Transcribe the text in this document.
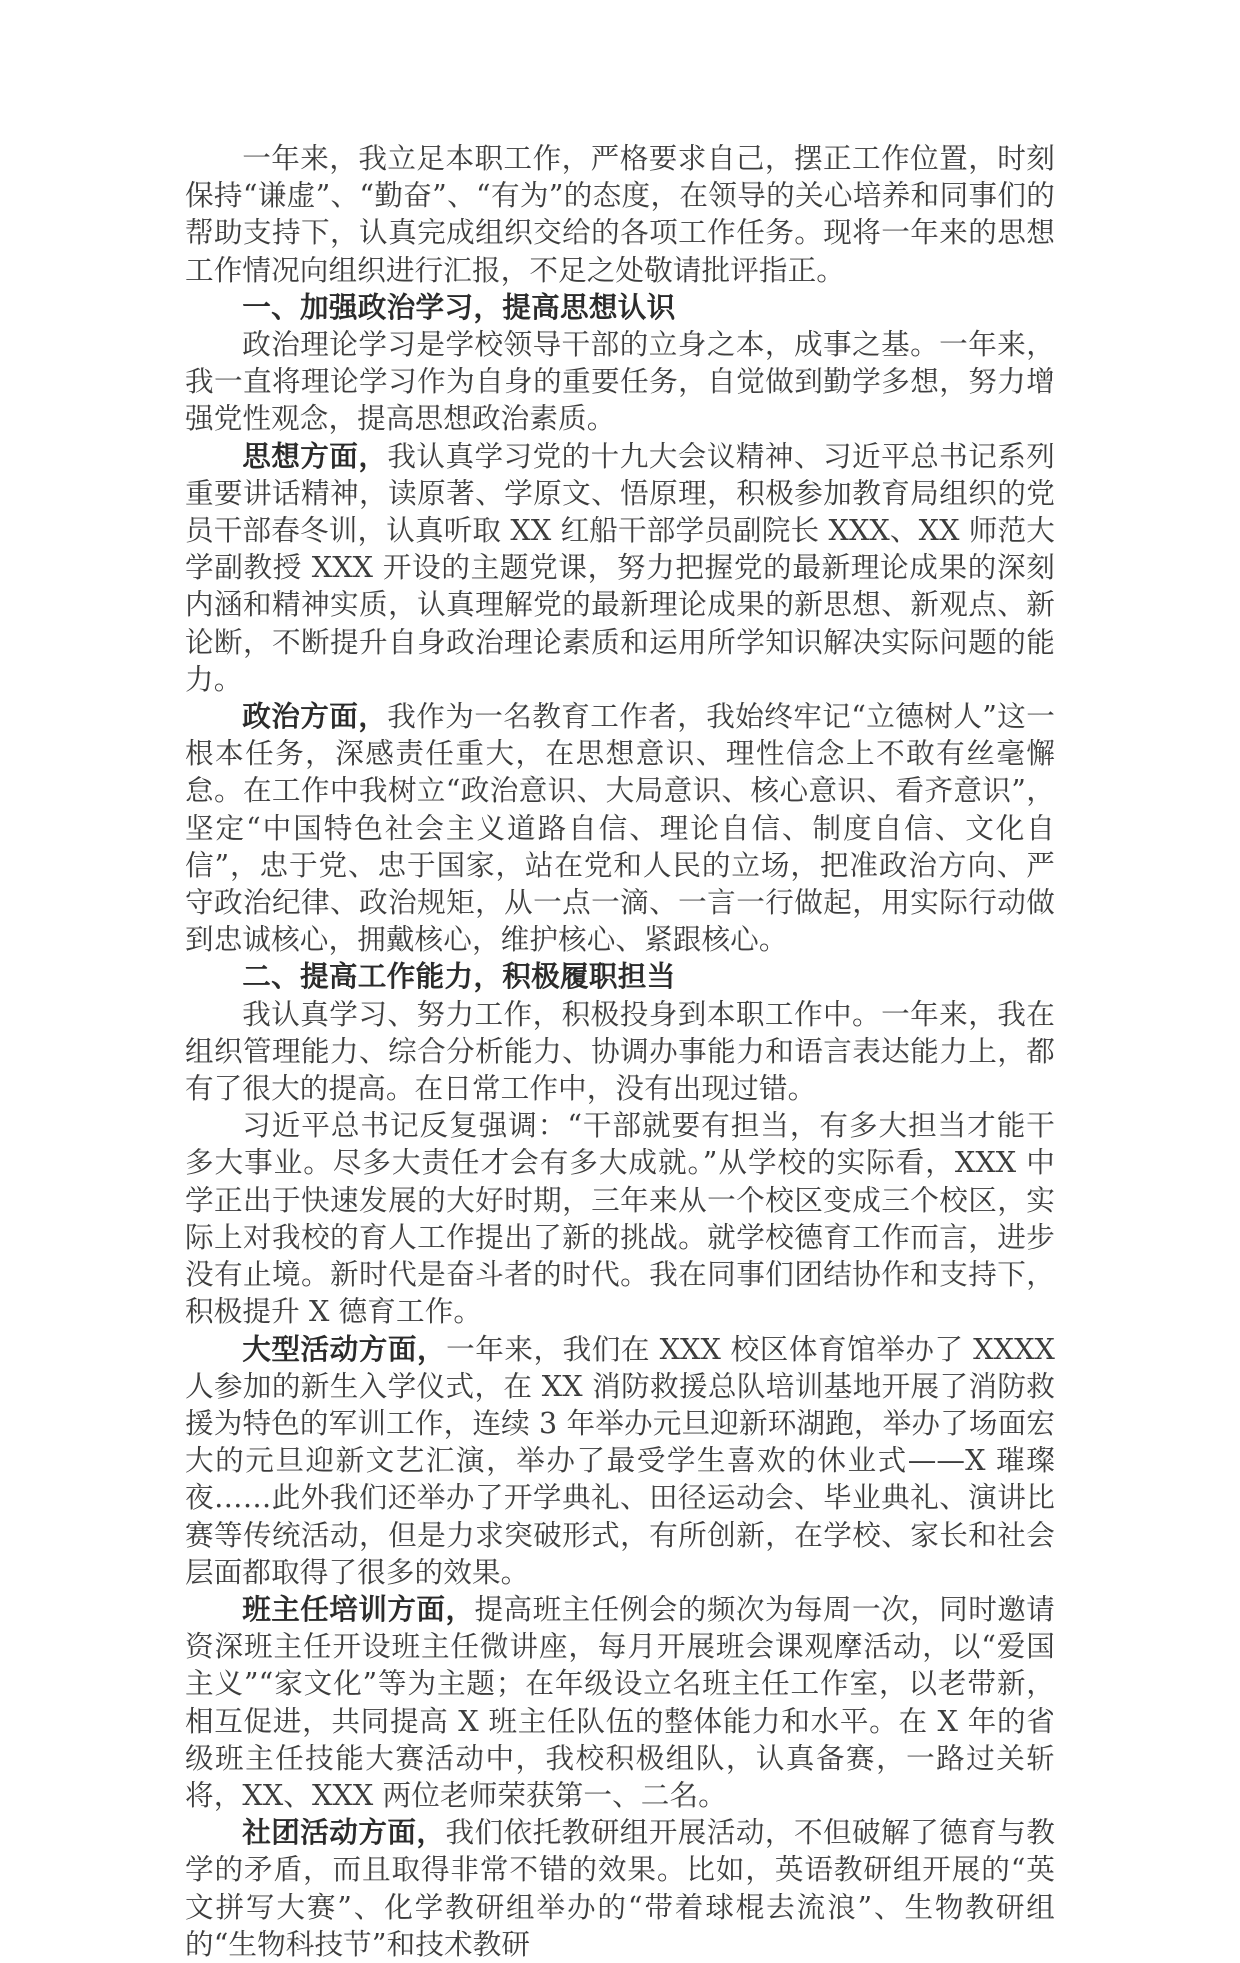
一年来，我立足本职工作，严格要求自己，摆正工作位置，时刻保持“谦虚”、“勤奋”、“有为”的态度，在领导的关心培养和同事们的帮助支持下，认真完成组织交给的各项工作任务。现将一年来的思想工作情况向组织进行汇报，不足之处敬请批评指正。

一、加强政治学习，提高思想认识

政治理论学习是学校领导干部的立身之本，成事之基。一年来，我一直将理论学习作为自身的重要任务，自觉做到勤学多想，努力增强党性观念，提高思想政治素质。

思想方面，我认真学习党的十九大会议精神、习近平总书记系列重要讲话精神，读原著、学原文、悟原理，积极参加教育局组织的党员干部春冬训，认真听取 XX 红船干部学员副院长 XXX、XX 师范大学副教授 XXX 开设的主题党课，努力把握党的最新理论成果的深刻内涵和精神实质，认真理解党的最新理论成果的新思想、新观点、新论断，不断提升自身政治理论素质和运用所学知识解决实际问题的能力。

政治方面，我作为一名教育工作者，我始终牢记“立德树人”这一根本任务，深感责任重大，在思想意识、理性信念上不敢有丝毫懈怠。在工作中我树立“政治意识、大局意识、核心意识、看齐意识”，坚定“中国特色社会主义道路自信、理论自信、制度自信、文化自信”，忠于党、忠于国家，站在党和人民的立场，把准政治方向、严守政治纪律、政治规矩，从一点一滴、一言一行做起，用实际行动做到忠诚核心，拥戴核心，维护核心、紧跟核心。

二、提高工作能力，积极履职担当

我认真学习、努力工作，积极投身到本职工作中。一年来，我在组织管理能力、综合分析能力、协调办事能力和语言表达能力上，都有了很大的提高。在日常工作中，没有出现过错。

习近平总书记反复强调：“干部就要有担当，有多大担当才能干多大事业。尽多大责任才会有多大成就。”从学校的实际看，XXX 中学正出于快速发展的大好时期，三年来从一个校区变成三个校区，实际上对我校的育人工作提出了新的挑战。就学校德育工作而言，进步没有止境。新时代是奋斗者的时代。我在同事们团结协作和支持下，积极提升 X 德育工作。

大型活动方面，一年来，我们在 XXX 校区体育馆举办了 XXXX 人参加的新生入学仪式，在 XX 消防救援总队培训基地开展了消防救援为特色的军训工作，连续 3 年举办元旦迎新环湖跑，举办了场面宏大的元旦迎新文艺汇演，举办了最受学生喜欢的休业式——X 璀璨夜……此外我们还举办了开学典礼、田径运动会、毕业典礼、演讲比赛等传统活动，但是力求突破形式，有所创新，在学校、家长和社会层面都取得了很多的效果。

班主任培训方面，提高班主任例会的频次为每周一次，同时邀请资深班主任开设班主任微讲座，每月开展班会课观摩活动，以“爱国主义”“家文化”等为主题；在年级设立名班主任工作室，以老带新，相互促进，共同提高 X 班主任队伍的整体能力和水平。在 X 年的省级班主任技能大赛活动中，我校积极组队，认真备赛，一路过关斩将，XX、XXX 两位老师荣获第一、二名。

社团活动方面，我们依托教研组开展活动，不但破解了德育与教学的矛盾，而且取得非常不错的效果。比如，英语教研组开展的“英文拼写大赛”、化学教研组举办的“带着球棍去流浪”、生物教研组的“生物科技节”和技术教研
